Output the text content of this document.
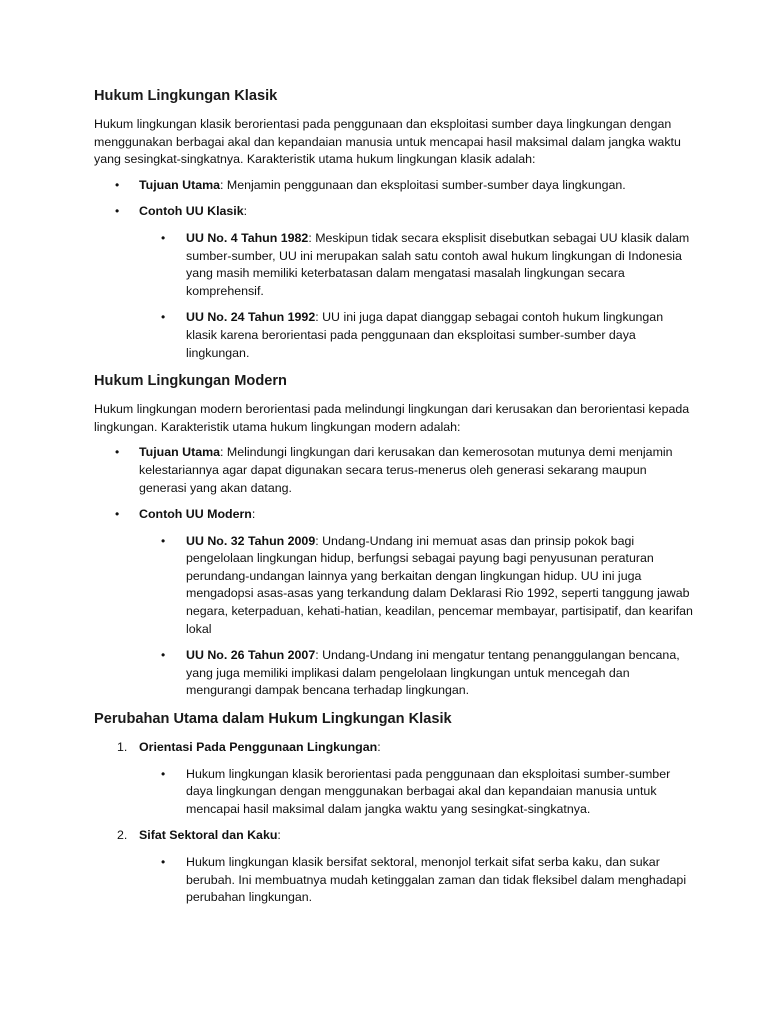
Hukum Lingkungan Klasik

Hukum lingkungan klasik berorientasi pada penggunaan dan eksploitasi sumber daya lingkungan dengan menggunakan berbagai akal dan kepandaian manusia untuk mencapai hasil maksimal dalam jangka waktu yang sesingkat-singkatnya. Karakteristik utama hukum lingkungan klasik adalah:

• Tujuan Utama: Menjamin penggunaan dan eksploitasi sumber-sumber daya lingkungan.
• Contoh UU Klasik:
• UU No. 4 Tahun 1982: Meskipun tidak secara eksplisit disebutkan sebagai UU klasik dalam sumber-sumber, UU ini merupakan salah satu contoh awal hukum lingkungan di Indonesia yang masih memiliki keterbatasan dalam mengatasi masalah lingkungan secara komprehensif.
• UU No. 24 Tahun 1992: UU ini juga dapat dianggap sebagai contoh hukum lingkungan klasik karena berorientasi pada penggunaan dan eksploitasi sumber-sumber daya lingkungan.
Hukum Lingkungan Modern

Hukum lingkungan modern berorientasi pada melindungi lingkungan dari kerusakan dan berorientasi kepada lingkungan. Karakteristik utama hukum lingkungan modern adalah:

• Tujuan Utama: Melindungi lingkungan dari kerusakan dan kemerosotan mutunya demi menjamin kelestariannya agar dapat digunakan secara terus-menerus oleh generasi sekarang maupun generasi yang akan datang.
• Contoh UU Modern:
• UU No. 32 Tahun 2009: Undang-Undang ini memuat asas dan prinsip pokok bagi pengelolaan lingkungan hidup, berfungsi sebagai payung bagi penyusunan peraturan perundang-undangan lainnya yang berkaitan dengan lingkungan hidup. UU ini juga mengadopsi asas-asas yang terkandung dalam Deklarasi Rio 1992, seperti tanggung jawab negara, keterpaduan, kehati-hatian, keadilan, pencemar membayar, partisipatif, dan kearifan lokal
• UU No. 26 Tahun 2007: Undang-Undang ini mengatur tentang penanggulangan bencana, yang juga memiliki implikasi dalam pengelolaan lingkungan untuk mencegah dan mengurangi dampak bencana terhadap lingkungan.
Perubahan Utama dalam Hukum Lingkungan Klasik
1. Orientasi Pada Penggunaan Lingkungan:
• Hukum lingkungan klasik berorientasi pada penggunaan dan eksploitasi sumber-sumber daya lingkungan dengan menggunakan berbagai akal dan kepandaian manusia untuk mencapai hasil maksimal dalam jangka waktu yang sesingkat-singkatnya.
2. Sifat Sektoral dan Kaku:
• Hukum lingkungan klasik bersifat sektoral, menonjol terkait sifat serba kaku, dan sukar berubah. Ini membuatnya mudah ketinggalan zaman dan tidak fleksibel dalam menghadapi perubahan lingkungan.
